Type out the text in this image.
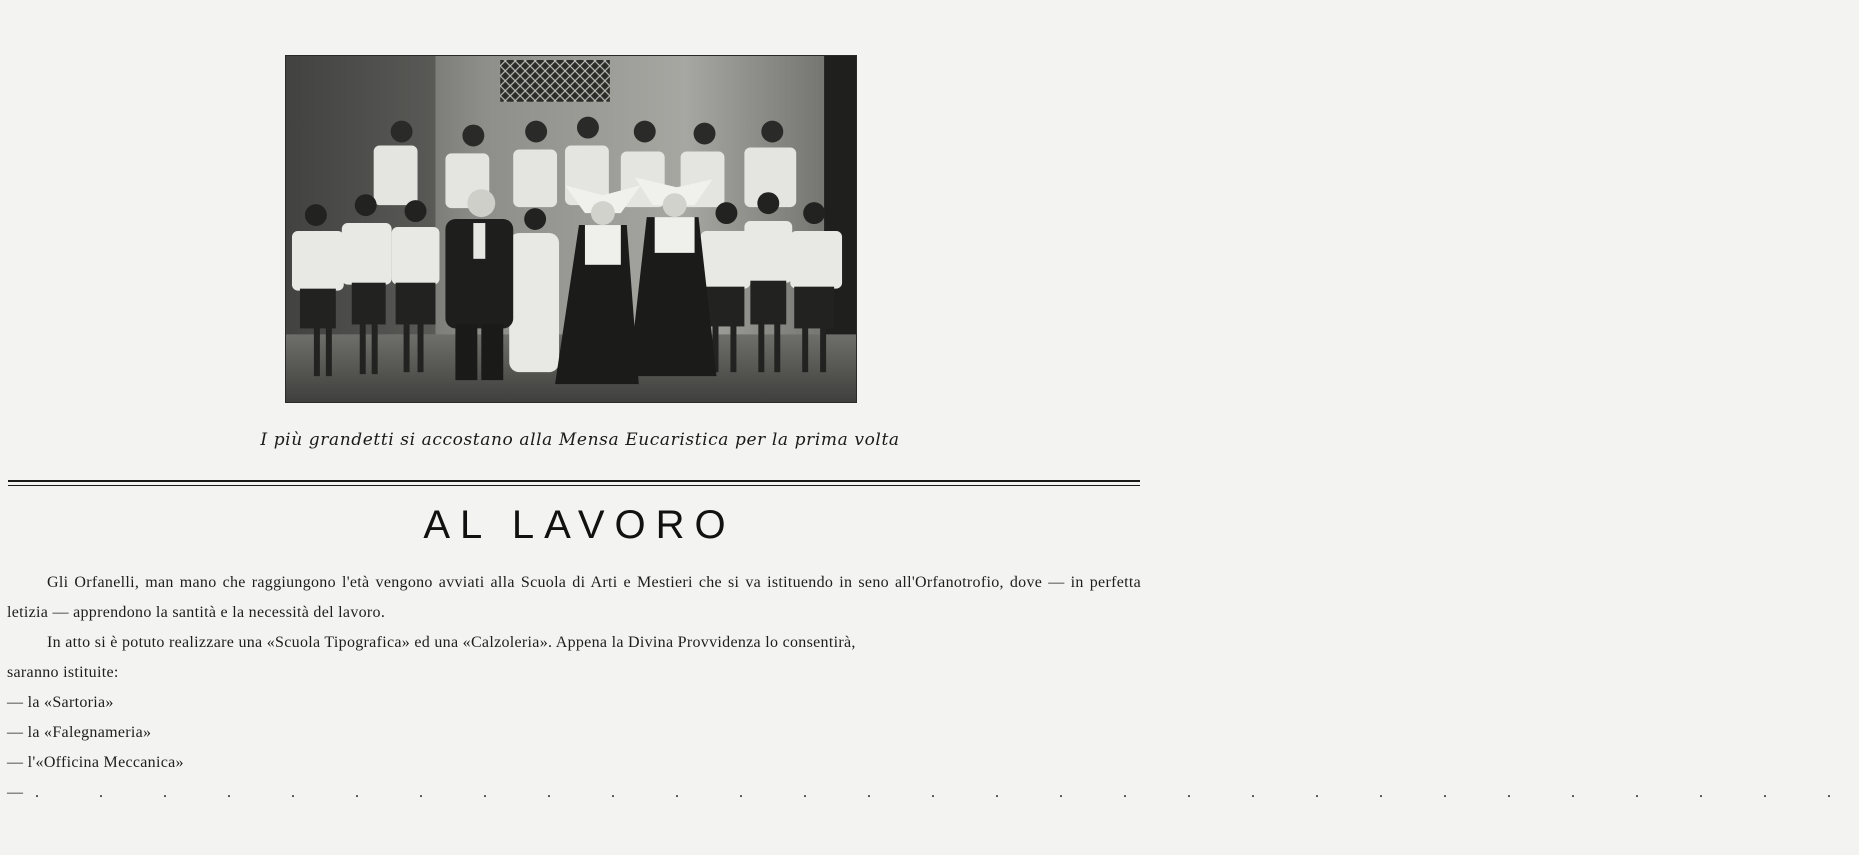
I più grandetti si accostano alla Mensa Eucaristica per la prima volta
AL LAVORO

Gli Orfanelli, man mano che raggiungono l'età vengono avviati alla Scuola di Arti e Mestieri che si va istituendo in seno all'Orfanotrofio, dove — in perfetta letizia — apprendono la santità e la necessità del lavoro.

In atto si è potuto realizzare una «Scuola Tipografica» ed una «Calzoleria». Appena la Divina Provvidenza lo consentirà,

saranno istituite:

— la «Sartoria»

— la «Falegnameria»

— l'«Officina Meccanica»

— . . . . . . . . . . . . . . . . . . . . . . . . . . . . .
